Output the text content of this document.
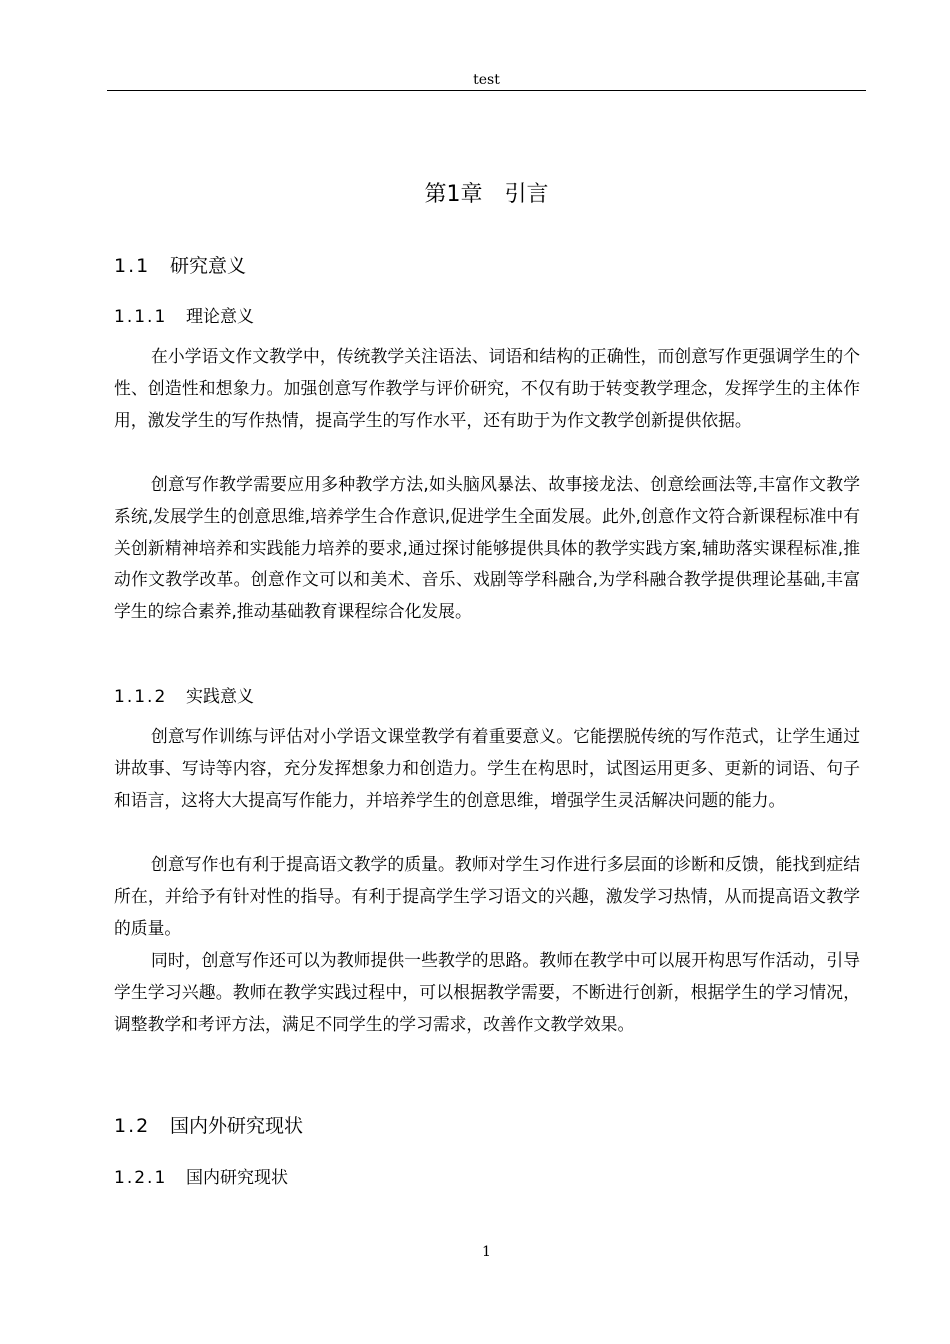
test
第1章 引言
1.1 研究意义
1.1.1 理论意义
在小学语文作文教学中，传统教学关注语法、词语和结构的正确性，而创意写作更强调学生的个性、创造性和想象力。加强创意写作教学与评价研究，不仅有助于转变教学理念，发挥学生的主体作用，激发学生的写作热情，提高学生的写作水平，还有助于为作文教学创新提供依据。
创意写作教学需要应用多种教学方法,如头脑风暴法、故事接龙法、创意绘画法等,丰富作文教学系统,发展学生的创意思维,培养学生合作意识,促进学生全面发展。此外,创意作文符合新课程标准中有关创新精神培养和实践能力培养的要求,通过探讨能够提供具体的教学实践方案,辅助落实课程标准,推动作文教学改革。创意作文可以和美术、音乐、戏剧等学科融合,为学科融合教学提供理论基础,丰富学生的综合素养,推动基础教育课程综合化发展。
1.1.2 实践意义
创意写作训练与评估对小学语文课堂教学有着重要意义。它能摆脱传统的写作范式，让学生通过讲故事、写诗等内容，充分发挥想象力和创造力。学生在构思时，试图运用更多、更新的词语、句子和语言，这将大大提高写作能力，并培养学生的创意思维，增强学生灵活解决问题的能力。
创意写作也有利于提高语文教学的质量。教师对学生习作进行多层面的诊断和反馈，能找到症结所在，并给予有针对性的指导。有利于提高学生学习语文的兴趣，激发学习热情，从而提高语文教学的质量。
同时，创意写作还可以为教师提供一些教学的思路。教师在教学中可以展开构思写作活动，引导学生学习兴趣。教师在教学实践过程中，可以根据教学需要，不断进行创新，根据学生的学习情况，调整教学和考评方法，满足不同学生的学习需求，改善作文教学效果。
1.2 国内外研究现状
1.2.1 国内研究现状
1
